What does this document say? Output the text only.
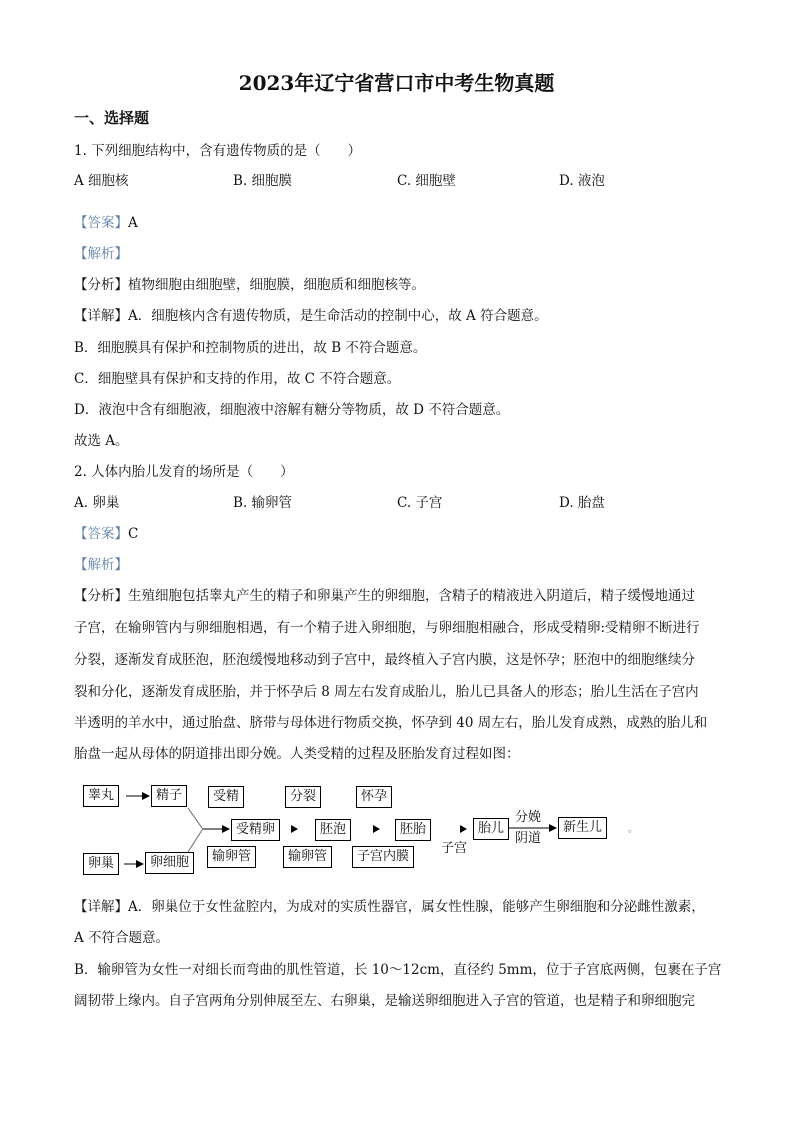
2023年辽宁省营口市中考生物真题
一、选择题
1. 下列细胞结构中，含有遗传物质的是（　　）
A 细胞核	B. 细胞膜	C. 细胞壁	D. 液泡
【答案】A
【解析】
【分析】植物细胞由细胞壁，细胞膜，细胞质和细胞核等。
【详解】A．细胞核内含有遗传物质，是生命活动的控制中心，故 A 符合题意。
B．细胞膜具有保护和控制物质的进出，故 B 不符合题意。
C．细胞壁具有保护和支持的作用，故 C 不符合题意。
D．液泡中含有细胞液，细胞液中溶解有糖分等物质，故 D 不符合题意。
故选 A。
2. 人体内胎儿发育的场所是（　　）
A. 卵巢	B. 输卵管	C. 子宫	D. 胎盘
【答案】C
【解析】
【分析】生殖细胞包括睾丸产生的精子和卵巢产生的卵细胞，含精子的精液进入阴道后，精子缓慢地通过
子宫，在输卵管内与卵细胞相遇，有一个精子进入卵细胞，与卵细胞相融合，形成受精卵:受精卵不断进行
分裂，逐渐发育成胚泡，胚泡缓慢地移动到子宫中，最终植入子宫内膜，这是怀孕；胚泡中的细胞继续分
裂和分化，逐渐发育成胚胎，并于怀孕后 8 周左右发育成胎儿，胎儿已具备人的形态；胎儿生活在子宫内
半透明的羊水中，通过胎盘、脐带与母体进行物质交换，怀孕到 40 周左右，胎儿发育成熟，成熟的胎儿和
胎盘一起从母体的阴道排出即分娩。人类受精的过程及胚胎发育过程如图：
睾丸	精子
卵巢	卵细胞
受精
受精卵
输卵管
分裂
胚泡
输卵管
怀孕
胚胎
子宫内膜
子宫
胎儿
分娩
阴道
新生儿	。
【详解】A．卵巢位于女性盆腔内，为成对的实质性器官，属女性性腺，能够产生卵细胞和分泌雌性激素，
A 不符合题意。
B．输卵管为女性一对细长而弯曲的肌性管道，长 10～12cm，直径约 5mm，位于子宫底两侧，包裹在子宫
阔韧带上缘内。自子宫两角分别伸展至左、右卵巢，是输送卵细胞进入子宫的管道，也是精子和卵细胞完
